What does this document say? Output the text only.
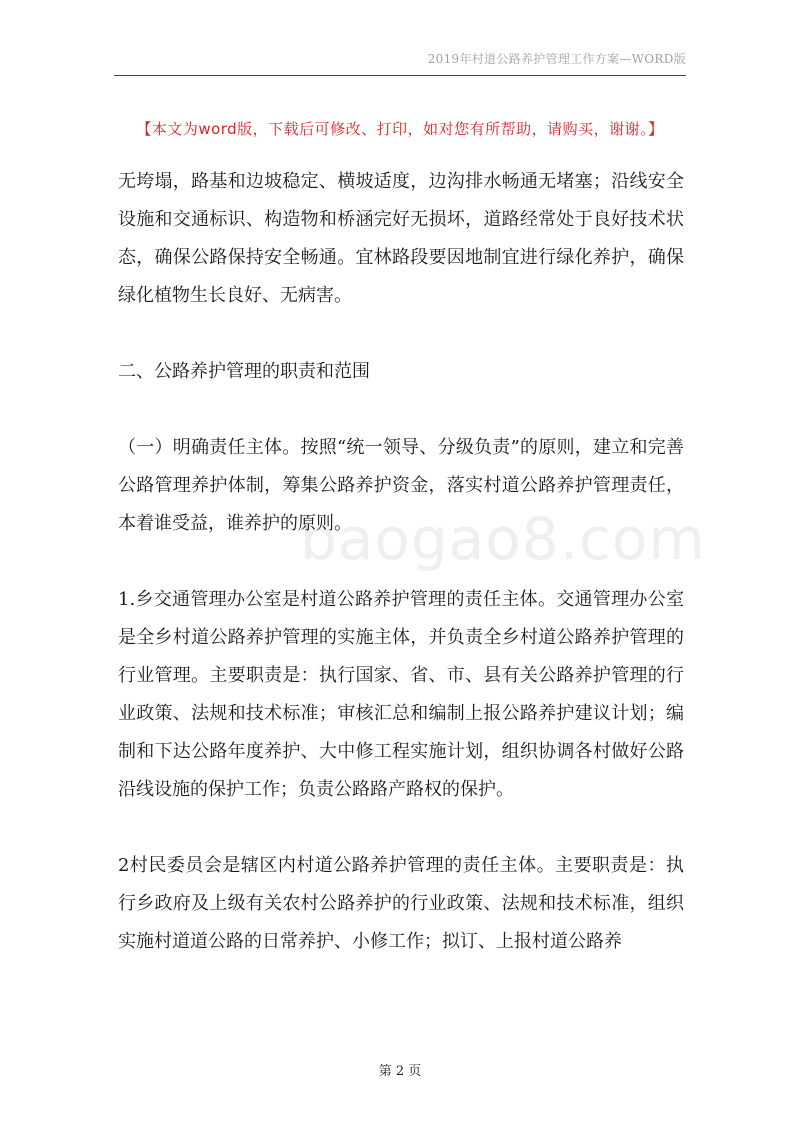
2019年村道公路养护管理工作方案—WORD版
【本文为word版，下载后可修改、打印，如对您有所帮助，请购买，谢谢。】
baogao8.com

无垮塌，路基和边坡稳定、横坡适度，边沟排水畅通无堵塞；沿线安全设施和交通标识、构造物和桥涵完好无损坏，道路经常处于良好技术状态，确保公路保持安全畅通。宜林路段要因地制宜进行绿化养护，确保绿化植物生长良好、无病害。

二、公路养护管理的职责和范围

（一）明确责任主体。按照“统一领导、分级负责”的原则，建立和完善公路管理养护体制，筹集公路养护资金，落实村道公路养护管理责任，本着谁受益，谁养护的原则。

1.乡交通管理办公室是村道公路养护管理的责任主体。交通管理办公室是全乡村道公路养护管理的实施主体，并负责全乡村道公路养护管理的行业管理。主要职责是：执行国家、省、市、县有关公路养护管理的行业政策、法规和技术标准；审核汇总和编制上报公路养护建议计划；编制和下达公路年度养护、大中修工程实施计划，组织协调各村做好公路沿线设施的保护工作；负责公路路产路权的保护。

2村民委员会是辖区内村道公路养护管理的责任主体。主要职责是：执行乡政府及上级有关农村公路养护的行业政策、法规和技术标准，组织实施村道道公路的日常养护、小修工作；拟订、上报村道公路养

第 2 页
